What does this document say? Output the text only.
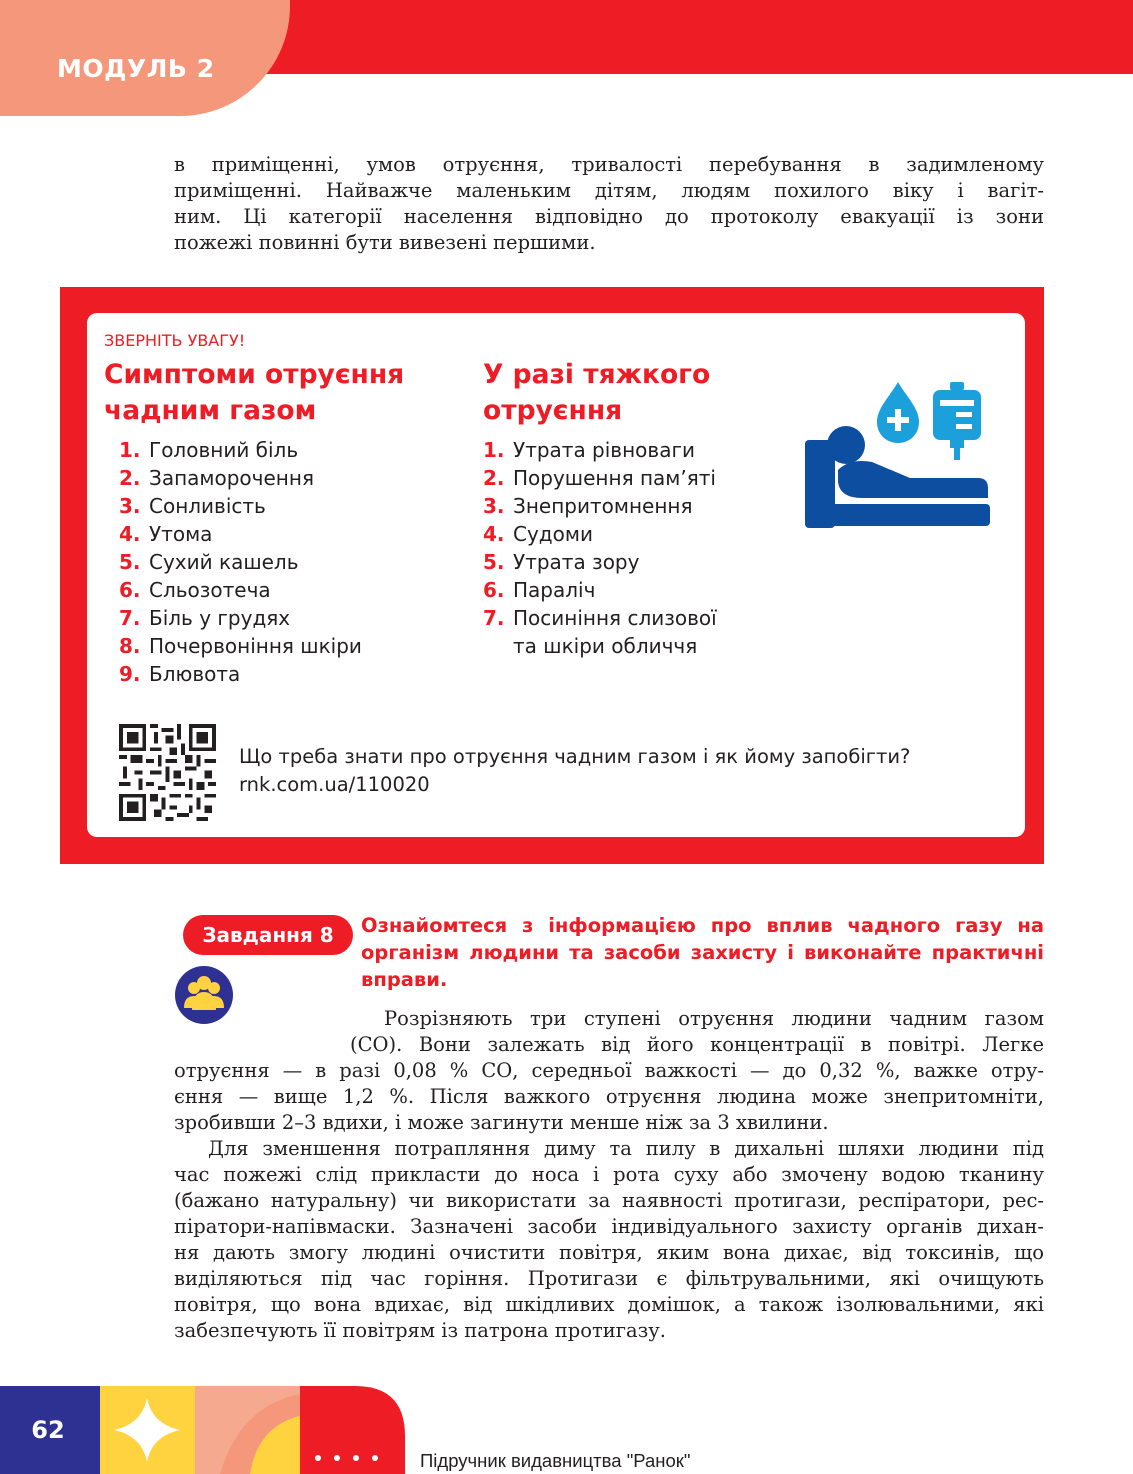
МОДУЛЬ 2
в приміщенні, умов отруєння, тривалості перебування в задимленому
приміщенні. Найважче маленьким дітям, людям похилого віку і вагіт-
ним. Ці категорії населення відповідно до протоколу евакуації із зони
пожежі повинні бути вивезені першими.
ЗВЕРНІТЬ УВАГУ!
Симптоми отруєння
чадним газом
1. Головний біль
2. Запаморочення
3. Сонливість
4. Утома
5. Сухий кашель
6. Сльозотеча
7. Біль у грудях
8. Почервоніння шкіри
9. Блювота
У разі тяжкого
отруєння
1. Утрата рівноваги
2. Порушення пам’яті
3. Знепритомнення
4. Судоми
5. Утрата зору
6. Параліч
7. Посиніння слизової
та шкіри обличчя
Що треба знати про отруєння чадним газом і як йому запобігти?
rnk.com.ua/110020
Завдання 8	Ознайомтеся з інформацією про вплив чадного газу на
організм людини та засоби захисту і виконайте практичні
вправи.
Розрізняють три ступені отруєння людини чадним газом
(СО). Вони залежать від його концентрації в повітрі. Легке
отруєння — в разі 0,08 % СО, середньої важкості — до 0,32 %, важке отру-
єння — вище 1,2 %. Після важкого отруєння людина може знепритомніти,
зробивши 2–3 вдихи, і може загинути менше ніж за 3 хвилини.
Для зменшення потрапляння диму та пилу в дихальні шляхи людини під
час пожежі слід прикласти до носа і рота суху або змочену водою тканину
(бажано натуральну) чи використати за наявності протигази, респіратори, рес-
піратори-напівмаски. Зазначені засоби індивідуального захисту органів дихан-
ня дають змогу людині очистити повітря, яким вона дихає, від токсинів, що
виділяються під час горіння. Протигази є фільтрувальними, які очищують
повітря, що вона вдихає, від шкідливих домішок, а також ізолювальними, які
забезпечують її повітрям із патрона протигазу.
62
Підручник видавництва "Ранок"
